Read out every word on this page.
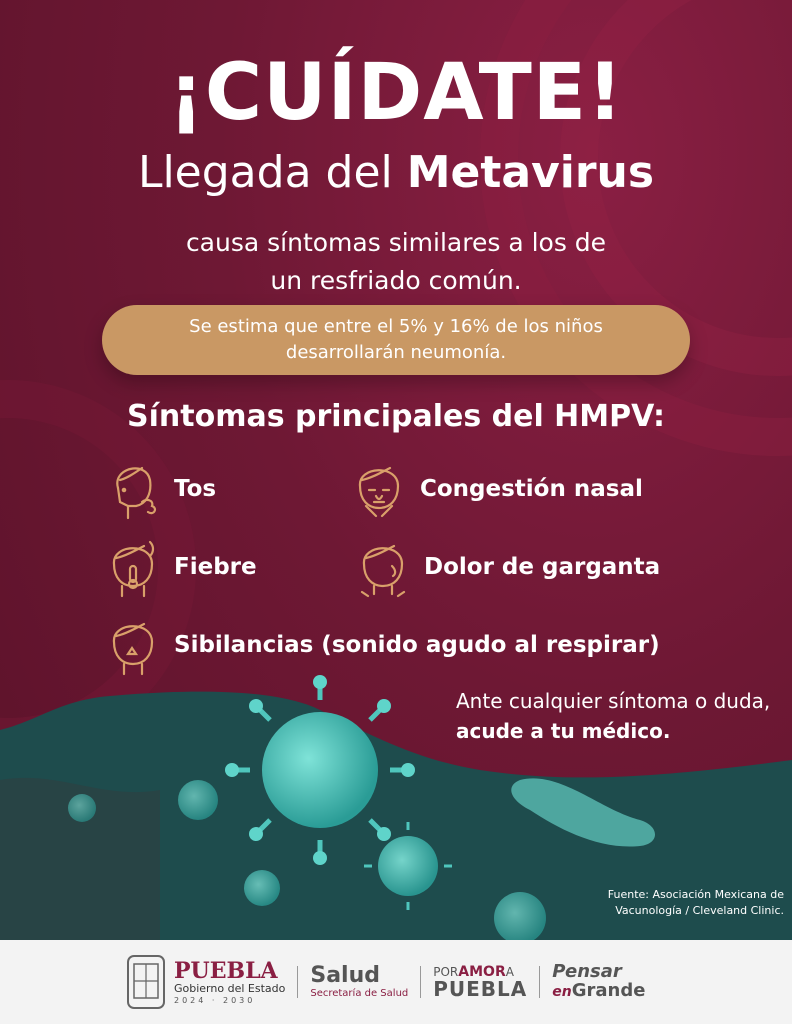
¡CUÍDATE!
Llegada del Metavirus
causa síntomas similares a los de
un resfriado común.
Se estima que entre el 5% y 16% de los niños
desarrollarán neumonía.
Síntomas principales del HMPV:
Tos	Congestión nasal
Fiebre	Dolor de garganta
Sibilancias (sonido agudo al respirar)
Ante cualquier síntoma o duda, acude a tu médico.
Fuente: Asociación Mexicana de
Vacunología / Cleveland Clinic.
PUEBLA
Gobierno del Estado
2024 · 2030
Salud
Secretaría de Salud
PORAMORA
PUEBLA
Pensar
enGrande
